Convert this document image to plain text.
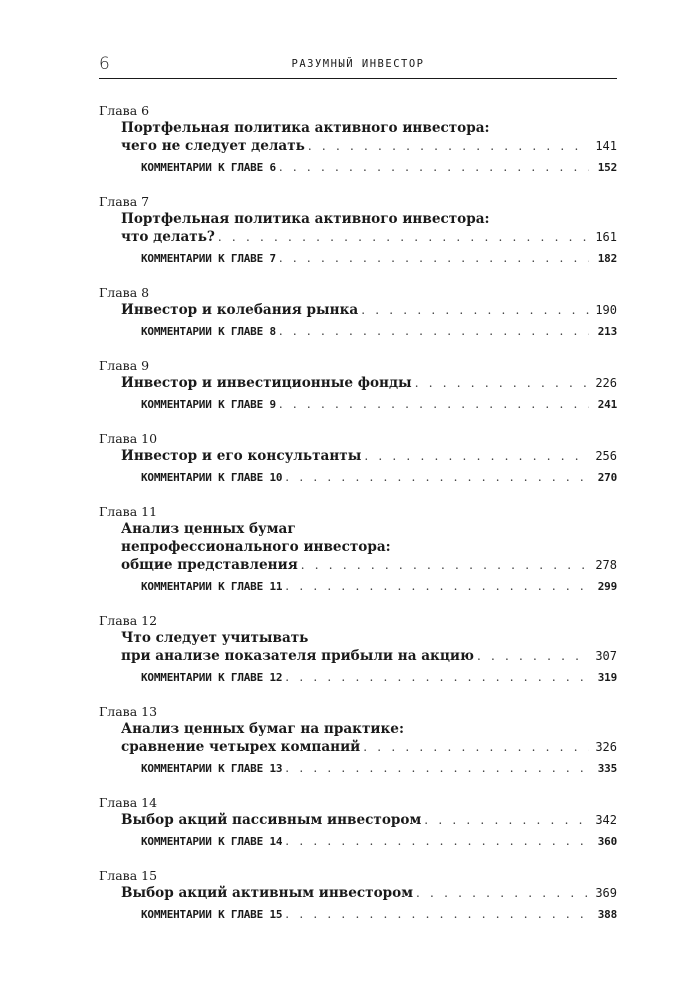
6	РАЗУМНЫЙ ИНВЕСТОР
Глава 6
Портфельная политика активного инвестора:
чего не следует делать . . .	141
КОММЕНТАРИИ К ГЛАВЕ 6 . . .	152
Глава 7
Портфельная политика активного инвестора:
что делать? . . .	161
КОММЕНТАРИИ К ГЛАВЕ 7 . . .	182
Глава 8
Инвестор и колебания рынка . . .	190
КОММЕНТАРИИ К ГЛАВЕ 8 . . .	213
Глава 9
Инвестор и инвестиционные фонды . . .	226
КОММЕНТАРИИ К ГЛАВЕ 9 . . .	241
Глава 10
Инвестор и его консультанты . . .	256
КОММЕНТАРИИ К ГЛАВЕ 10 . . .	270
Глава 11
Анализ ценных бумаг
непрофессионального инвестора:
общие представления . . .	278
КОММЕНТАРИИ К ГЛАВЕ 11 . . .	299
Глава 12
Что следует учитывать
при анализе показателя прибыли на акцию . . .	307
КОММЕНТАРИИ К ГЛАВЕ 12 . . .	319
Глава 13
Анализ ценных бумаг на практике:
сравнение четырех компаний . . .	326
КОММЕНТАРИИ К ГЛАВЕ 13 . . .	335
Глава 14
Выбор акций пассивным инвестором . . .	342
КОММЕНТАРИИ К ГЛАВЕ 14 . . .	360
Глава 15
Выбор акций активным инвестором . . .	369
КОММЕНТАРИИ К ГЛАВЕ 15 . . .	388
